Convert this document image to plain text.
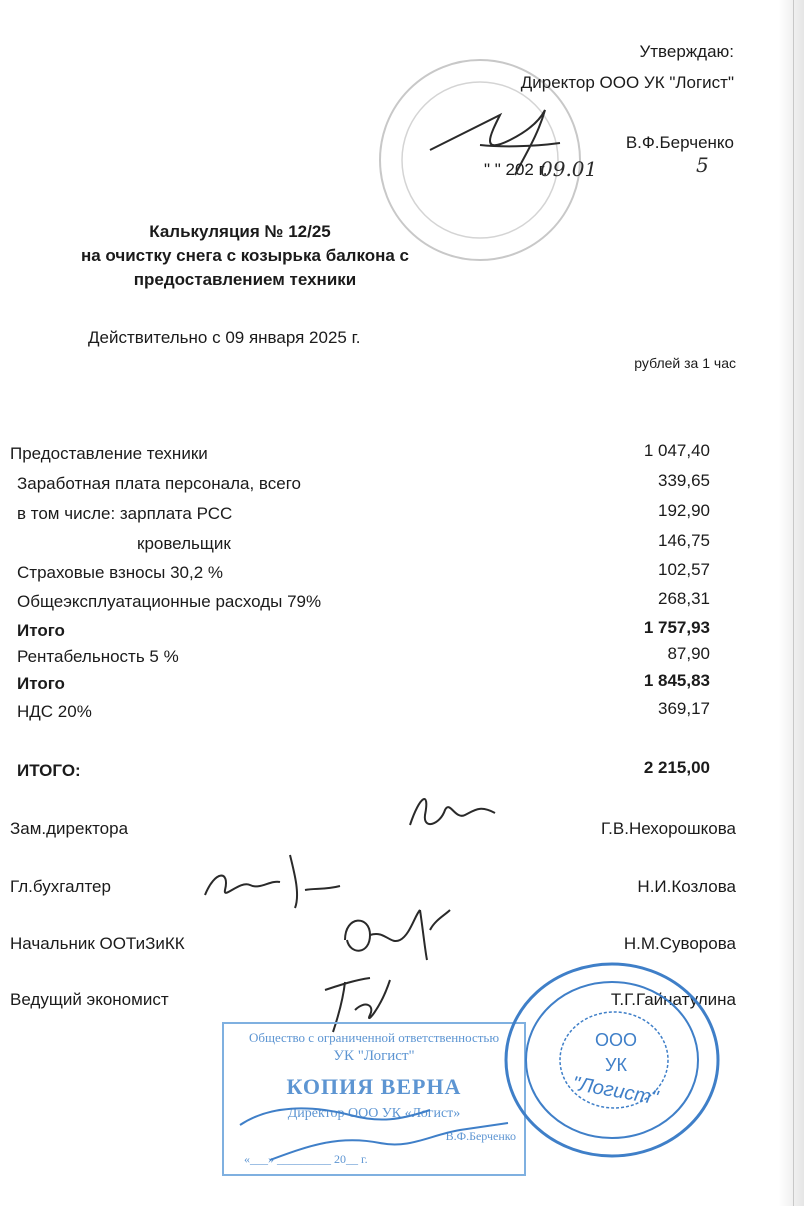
Утверждаю:
Директор ООО УК "Логист"
В.Ф.Берченко
" " 202 г.
09.01	5
Калькуляция № 12/25
на очистку снега с козырька балкона с
предоставлением техники
Действительно с 09 января 2025 г.
рублей за 1 час
Предоставление техники	1 047,40
Заработная плата персонала, всего	339,65
в том числе: зарплата РСС	192,90
кровельщик	146,75
Страховые взносы 30,2 %	102,57
Общеэксплуатационные расходы 79%	268,31
Итого	1 757,93
Рентабельность 5 %	87,90
Итого	1 845,83
НДС 20%	369,17
ИТОГО:	2 215,00
Зам.директора	Г.В.Нехорошкова
Гл.бухгалтер	Н.И.Козлова
Начальник ООТиЗиКК	Н.М.Суворова
Ведущий экономист	Т.Г.Гайнатулина
Общество с ограниченной ответственностью
УК "Логист"
КОПИЯ ВЕРНА
Директор ООО УК «Логист»
В.Ф.Берченко
«___» _________ 20__ г.
ООО
УК
"Логист"
